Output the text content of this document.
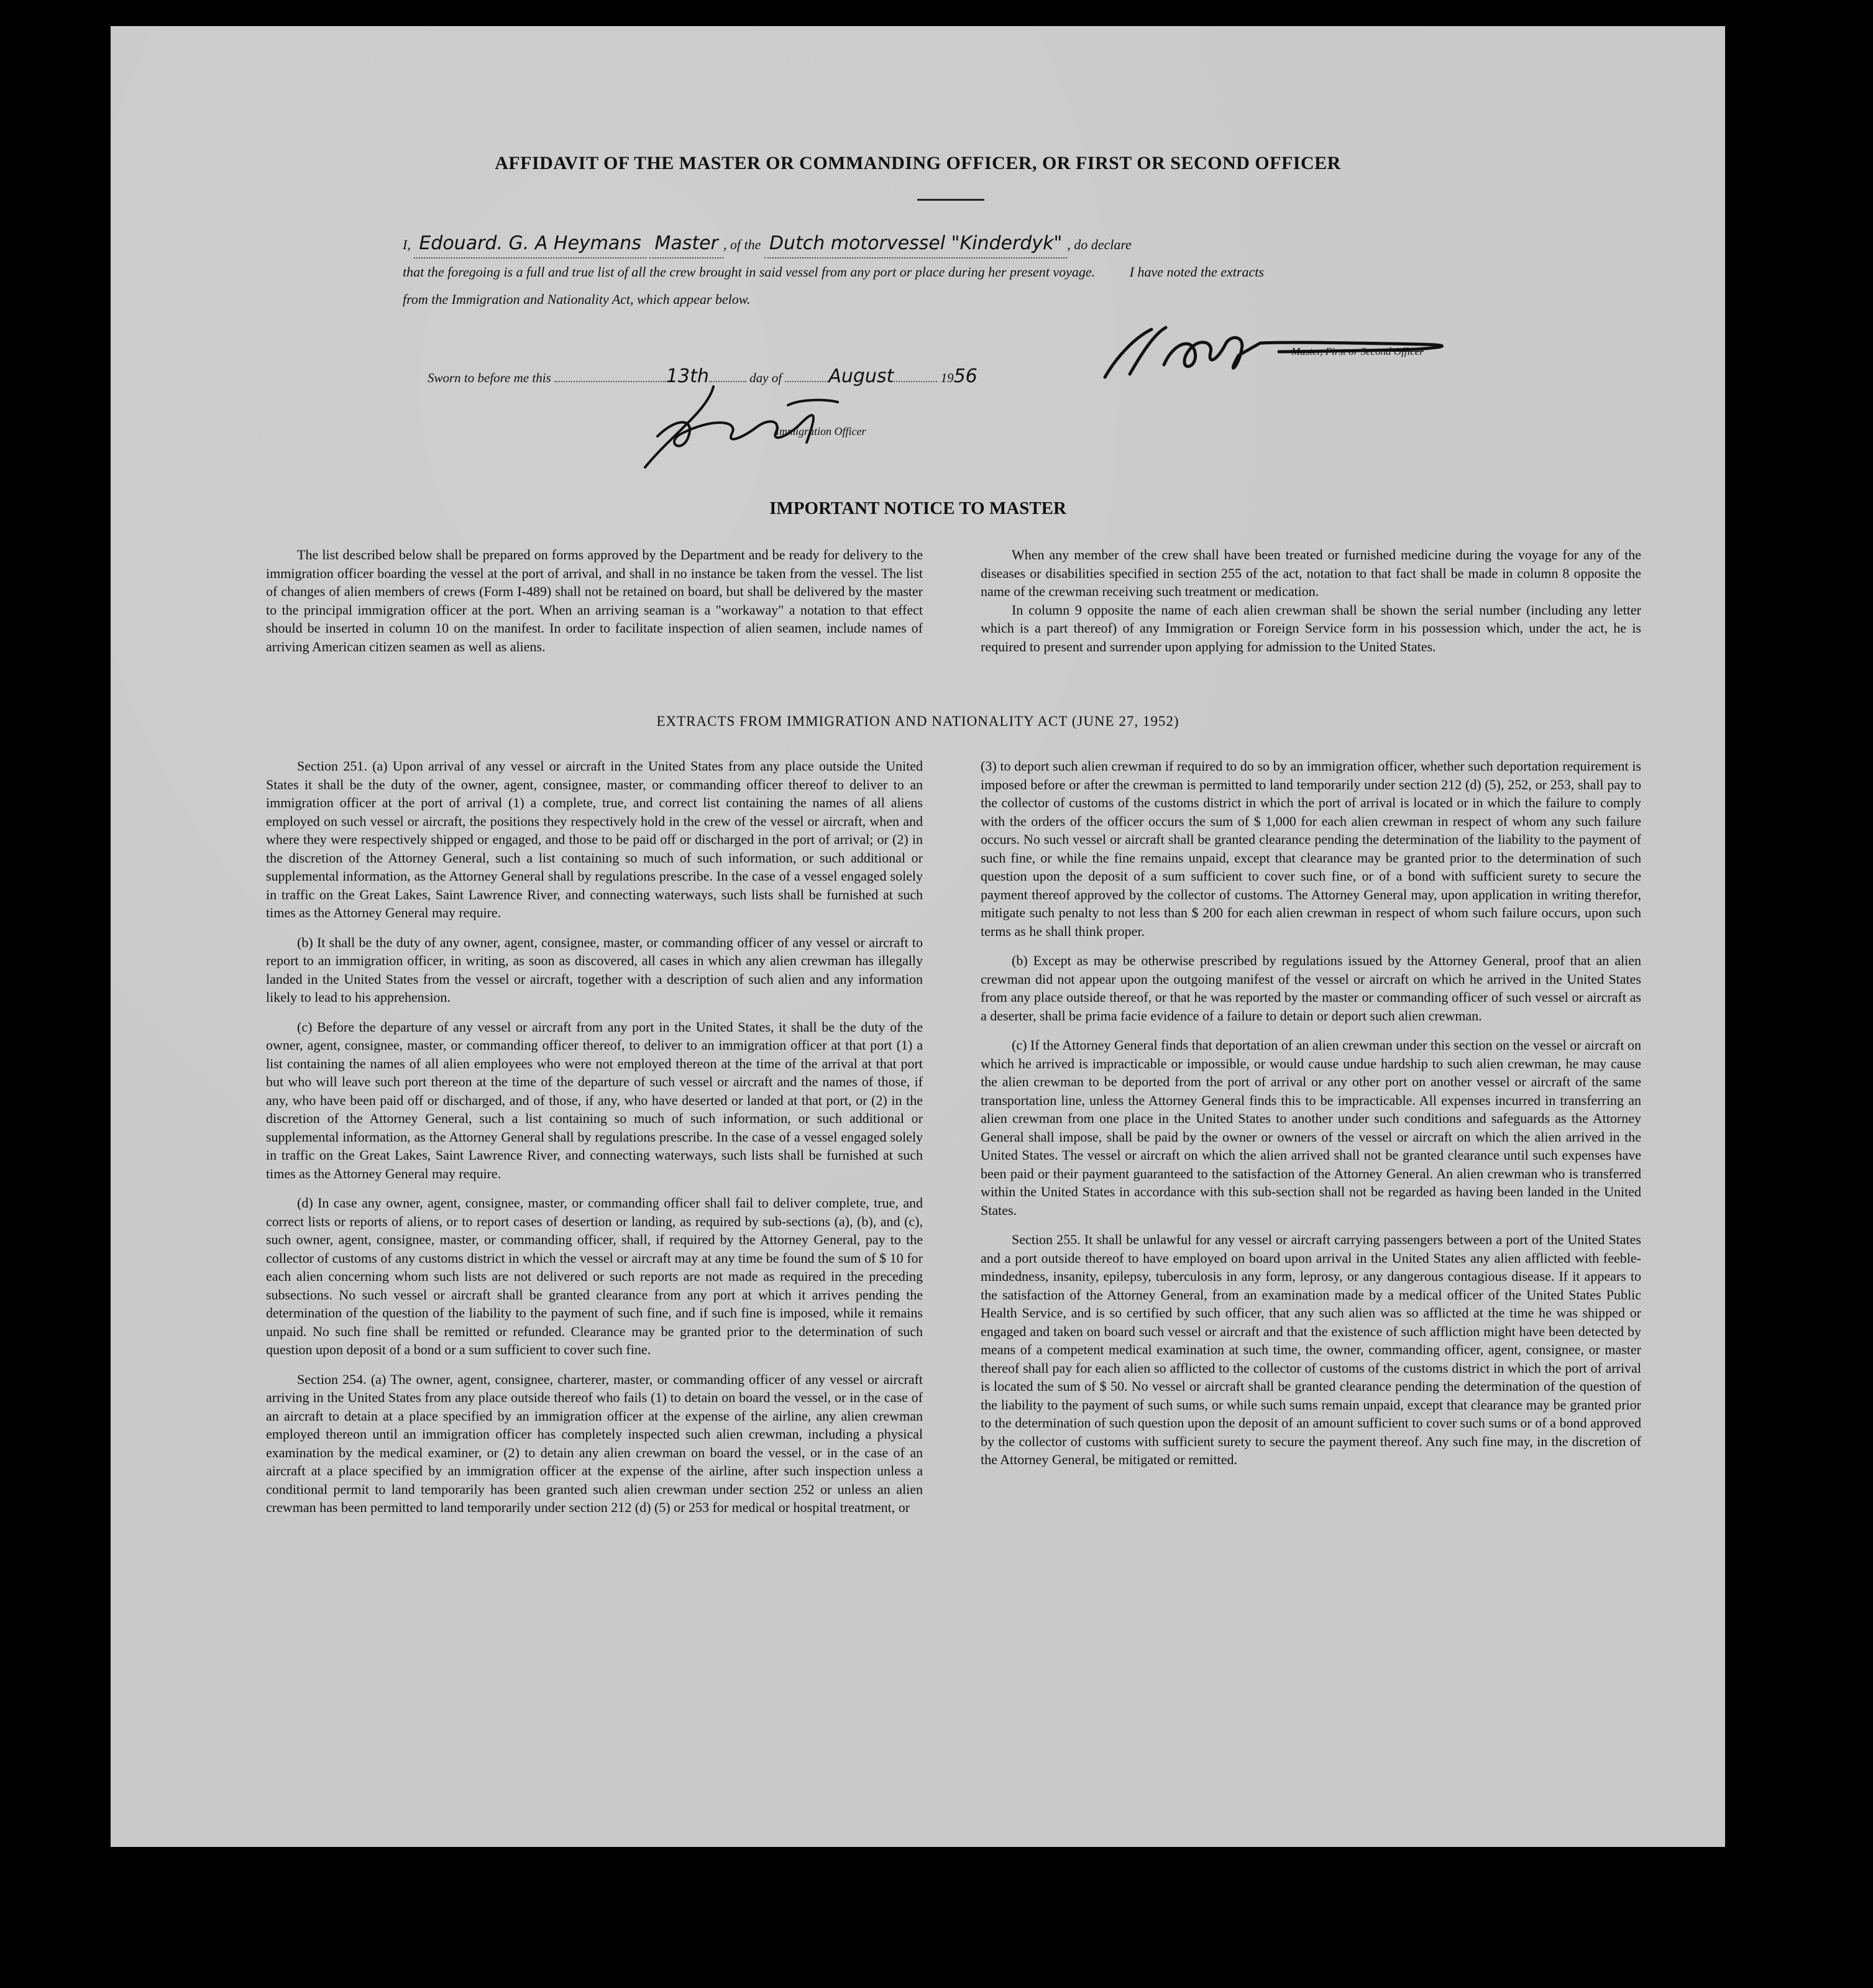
AFFIDAVIT OF THE MASTER OR COMMANDING OFFICER, OR FIRST OR SECOND OFFICER
I, Edouard. G. A Heymans Master , of the Dutch motorvessel "Kinderdyk" , do declare
that the foregoing is a full and true list of all the crew brought in said vessel from any port or place during her present voyage.	I have noted the extracts
from the Immigration and Nationality Act, which appear below.
Master, First or Second Officer
Sworn to before me this	13th	day of	August	1956
Immigration Officer
IMPORTANT NOTICE TO MASTER

The list described below shall be prepared on forms approved by the Department and be ready for delivery to the immigration officer boarding the vessel at the port of arrival, and shall in no instance be taken from the vessel. The list of changes of alien members of crews (Form I-489) shall not be retained on board, but shall be delivered by the master to the principal immigration officer at the port. When an arriving seaman is a "workaway" a notation to that effect should be inserted in column 10 on the manifest. In order to facilitate inspection of alien seamen, include names of arriving American citizen seamen as well as aliens.

When any member of the crew shall have been treated or furnished medicine during the voyage for any of the diseases or disabilities specified in section 255 of the act, notation to that fact shall be made in column 8 opposite the name of the crewman receiving such treatment or medication.

In column 9 opposite the name of each alien crewman shall be shown the serial number (including any letter which is a part thereof) of any Immigration or Foreign Service form in his possession which, under the act, he is required to present and surrender upon applying for admission to the United States.

EXTRACTS FROM IMMIGRATION AND NATIONALITY ACT (JUNE 27, 1952)

Section 251. (a) Upon arrival of any vessel or aircraft in the United States from any place outside the United States it shall be the duty of the owner, agent, consignee, master, or commanding officer thereof to deliver to an immigration officer at the port of arrival (1) a complete, true, and correct list containing the names of all aliens employed on such vessel or aircraft, the positions they respectively hold in the crew of the vessel or aircraft, when and where they were respectively shipped or engaged, and those to be paid off or discharged in the port of arrival; or (2) in the discretion of the Attorney General, such a list containing so much of such information, or such additional or supplemental information, as the Attorney General shall by regulations prescribe. In the case of a vessel engaged solely in traffic on the Great Lakes, Saint Lawrence River, and connecting waterways, such lists shall be furnished at such times as the Attorney General may require.

(b) It shall be the duty of any owner, agent, consignee, master, or commanding officer of any vessel or aircraft to report to an immigration officer, in writing, as soon as discovered, all cases in which any alien crewman has illegally landed in the United States from the vessel or aircraft, together with a description of such alien and any information likely to lead to his apprehension.

(c) Before the departure of any vessel or aircraft from any port in the United States, it shall be the duty of the owner, agent, consignee, master, or commanding officer thereof, to deliver to an immigration officer at that port (1) a list containing the names of all alien employees who were not employed thereon at the time of the arrival at that port but who will leave such port thereon at the time of the departure of such vessel or aircraft and the names of those, if any, who have been paid off or discharged, and of those, if any, who have deserted or landed at that port, or (2) in the discretion of the Attorney General, such a list containing so much of such information, or such additional or supplemental information, as the Attorney General shall by regulations prescribe. In the case of a vessel engaged solely in traffic on the Great Lakes, Saint Lawrence River, and connecting waterways, such lists shall be furnished at such times as the Attorney General may require.

(d) In case any owner, agent, consignee, master, or commanding officer shall fail to deliver complete, true, and correct lists or reports of aliens, or to report cases of desertion or landing, as required by sub-sections (a), (b), and (c), such owner, agent, consignee, master, or commanding officer, shall, if required by the Attorney General, pay to the collector of customs of any customs district in which the vessel or aircraft may at any time be found the sum of $ 10 for each alien concerning whom such lists are not delivered or such reports are not made as required in the preceding subsections. No such vessel or aircraft shall be granted clearance from any port at which it arrives pending the determination of the question of the liability to the payment of such fine, and if such fine is imposed, while it remains unpaid. No such fine shall be remitted or refunded. Clearance may be granted prior to the determination of such question upon deposit of a bond or a sum sufficient to cover such fine.

Section 254. (a) The owner, agent, consignee, charterer, master, or commanding officer of any vessel or aircraft arriving in the United States from any place outside thereof who fails (1) to detain on board the vessel, or in the case of an aircraft to detain at a place specified by an immigration officer at the expense of the airline, any alien crewman employed thereon until an immigration officer has completely inspected such alien crewman, including a physical examination by the medical examiner, or (2) to detain any alien crewman on board the vessel, or in the case of an aircraft at a place specified by an immigration officer at the expense of the airline, after such inspection unless a conditional permit to land temporarily has been granted such alien crewman under section 252 or unless an alien crewman has been permitted to land temporarily under section 212 (d) (5) or 253 for medical or hospital treatment, or

(3) to deport such alien crewman if required to do so by an immigration officer, whether such deportation requirement is imposed before or after the crewman is permitted to land temporarily under section 212 (d) (5), 252, or 253, shall pay to the collector of customs of the customs district in which the port of arrival is located or in which the failure to comply with the orders of the officer occurs the sum of $ 1,000 for each alien crewman in respect of whom any such failure occurs. No such vessel or aircraft shall be granted clearance pending the determination of the liability to the payment of such fine, or while the fine remains unpaid, except that clearance may be granted prior to the determination of such question upon the deposit of a sum sufficient to cover such fine, or of a bond with sufficient surety to secure the payment thereof approved by the collector of customs. The Attorney General may, upon application in writing therefor, mitigate such penalty to not less than $ 200 for each alien crewman in respect of whom such failure occurs, upon such terms as he shall think proper.

(b) Except as may be otherwise prescribed by regulations issued by the Attorney General, proof that an alien crewman did not appear upon the outgoing manifest of the vessel or aircraft on which he arrived in the United States from any place outside thereof, or that he was reported by the master or commanding officer of such vessel or aircraft as a deserter, shall be prima facie evidence of a failure to detain or deport such alien crewman.

(c) If the Attorney General finds that deportation of an alien crewman under this section on the vessel or aircraft on which he arrived is impracticable or impossible, or would cause undue hardship to such alien crewman, he may cause the alien crewman to be deported from the port of arrival or any other port on another vessel or aircraft of the same transportation line, unless the Attorney General finds this to be impracticable. All expenses incurred in transferring an alien crewman from one place in the United States to another under such conditions and safeguards as the Attorney General shall impose, shall be paid by the owner or owners of the vessel or aircraft on which the alien arrived in the United States. The vessel or aircraft on which the alien arrived shall not be granted clearance until such expenses have been paid or their payment guaranteed to the satisfaction of the Attorney General. An alien crewman who is transferred within the United States in accordance with this sub-section shall not be regarded as having been landed in the United States.

Section 255. It shall be unlawful for any vessel or aircraft carrying passengers between a port of the United States and a port outside thereof to have employed on board upon arrival in the United States any alien afflicted with feeble-mindedness, insanity, epilepsy, tuberculosis in any form, leprosy, or any dangerous contagious disease. If it appears to the satisfaction of the Attorney General, from an examination made by a medical officer of the United States Public Health Service, and is so certified by such officer, that any such alien was so afflicted at the time he was shipped or engaged and taken on board such vessel or aircraft and that the existence of such affliction might have been detected by means of a competent medical examination at such time, the owner, commanding officer, agent, consignee, or master thereof shall pay for each alien so afflicted to the collector of customs of the customs district in which the port of arrival is located the sum of $ 50. No vessel or aircraft shall be granted clearance pending the determination of the question of the liability to the payment of such sums, or while such sums remain unpaid, except that clearance may be granted prior to the determination of such question upon the deposit of an amount sufficient to cover such sums or of a bond approved by the collector of customs with sufficient surety to secure the payment thereof. Any such fine may, in the discretion of the Attorney General, be mitigated or remitted.
